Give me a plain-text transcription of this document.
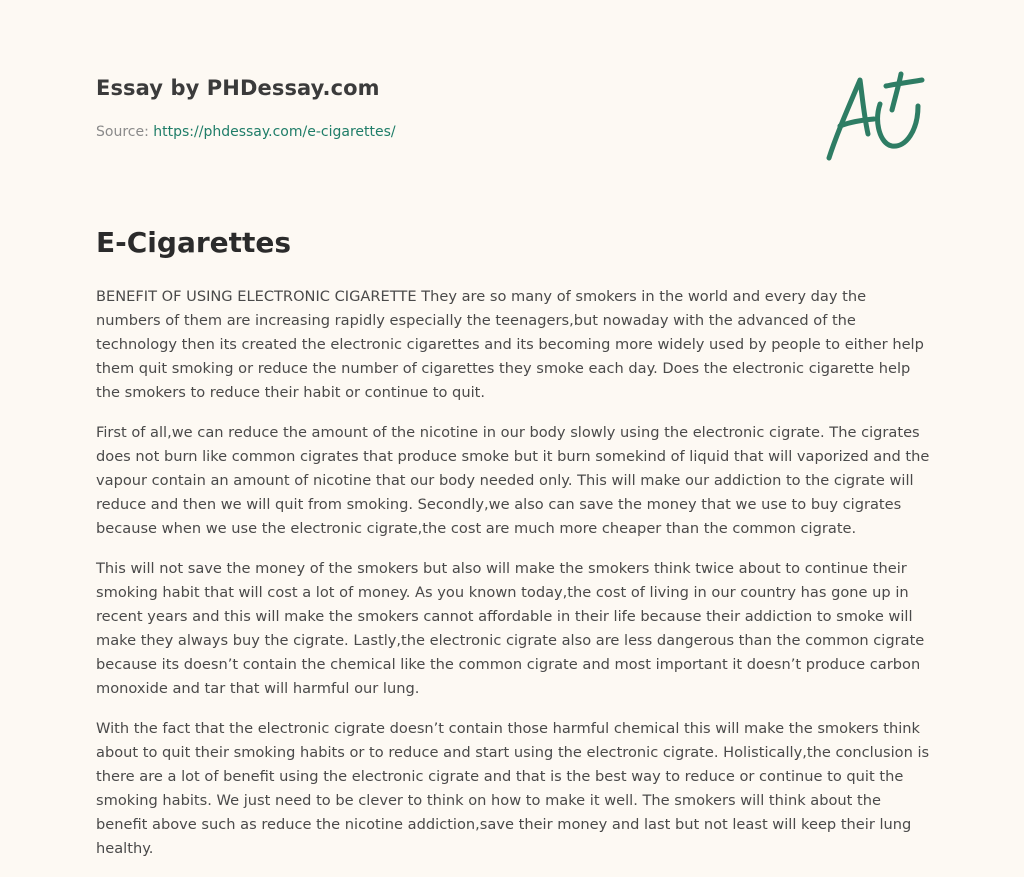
Essay by PHDessay.com
Source: https://phdessay.com/e-cigarettes/
E-Cigarettes

BENEFIT OF USING ELECTRONIC CIGARETTE They are so many of smokers in the world and every day the numbers of them are increasing rapidly especially the teenagers,but nowaday with the advanced of the technology then its created the electronic cigarettes and its becoming more widely used by people to either help them quit smoking or reduce the number of cigarettes they smoke each day. Does the electronic cigarette help the smokers to reduce their habit or continue to quit.

First of all,we can reduce the amount of the nicotine in our body slowly using the electronic cigrate. The cigrates does not burn like common cigrates that produce smoke but it burn somekind of liquid that will vaporized and the vapour contain an amount of nicotine that our body needed only. This will make our addiction to the cigrate will reduce and then we will quit from smoking. Secondly,we also can save the money that we use to buy cigrates because when we use the electronic cigrate,the cost are much more cheaper than the common cigrate.

This will not save the money of the smokers but also will make the smokers think twice about to continue their smoking habit that will cost a lot of money. As you known today,the cost of living in our country has gone up in recent years and this will make the smokers cannot affordable in their life because their addiction to smoke will make they always buy the cigrate. Lastly,the electronic cigrate also are less dangerous than the common cigrate because its doesn’t contain the chemical like the common cigrate and most important it doesn’t produce carbon monoxide and tar that will harmful our lung.

With the fact that the electronic cigrate doesn’t contain those harmful chemical this will make the smokers think about to quit their smoking habits or to reduce and start using the electronic cigrate. Holistically,the conclusion is there are a lot of benefit using the electronic cigrate and that is the best way to reduce or continue to quit the smoking habits. We just need to be clever to think on how to make it well. The smokers will think about the benefit above such as reduce the nicotine addiction,save their money and last but not least will keep their lung healthy.
